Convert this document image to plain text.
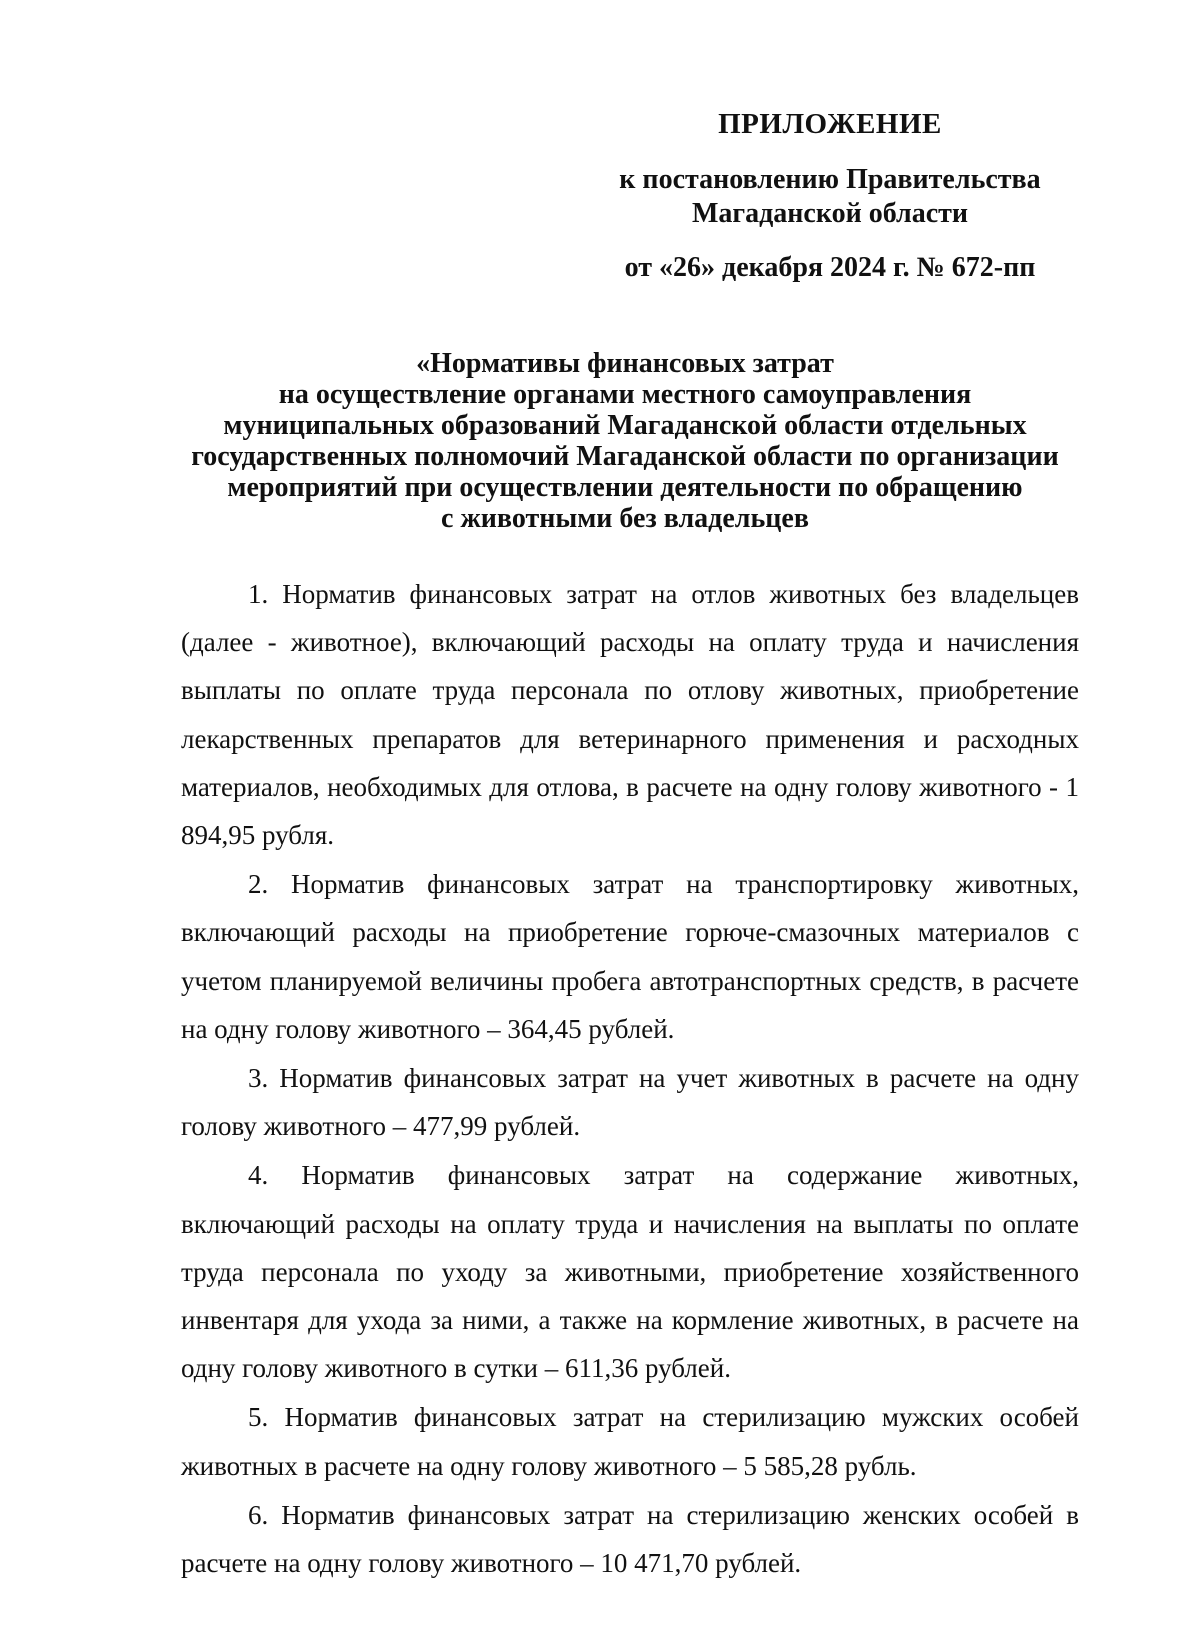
ПРИЛОЖЕНИЕ
к постановлению Правительства
Магаданской области
от «26» декабря 2024 г. № 672-пп
«Нормативы финансовых затрат
на осуществление органами местного самоуправления
муниципальных образований Магаданской области отдельных
государственных полномочий Магаданской области по организации
мероприятий при осуществлении деятельности по обращению
с животными без владельцев

1. Норматив финансовых затрат на отлов животных без владельцев (далее - животное), включающий расходы на оплату труда и начисления выплаты по оплате труда персонала по отлову животных, приобретение лекарственных препаратов для ветеринарного применения и расходных материалов, необходимых для отлова, в расчете на одну голову животного - 1 894,95 рубля.

2. Норматив финансовых затрат на транспортировку животных, включающий расходы на приобретение горюче-смазочных материалов с учетом планируемой величины пробега автотранспортных средств, в расчете на одну голову животного – 364,45 рублей.

3. Норматив финансовых затрат на учет животных в расчете на одну голову животного – 477,99 рублей.

4. Норматив финансовых затрат на содержание животных, включающий расходы на оплату труда и начисления на выплаты по оплате труда персонала по уходу за животными, приобретение хозяйственного инвентаря для ухода за ними, а также на кормление животных, в расчете на одну голову животного в сутки – 611,36 рублей.

5. Норматив финансовых затрат на стерилизацию мужских особей животных в расчете на одну голову животного – 5 585,28 рубль.

6. Норматив финансовых затрат на стерилизацию женских особей в расчете на одну голову животного – 10 471,70 рублей.
